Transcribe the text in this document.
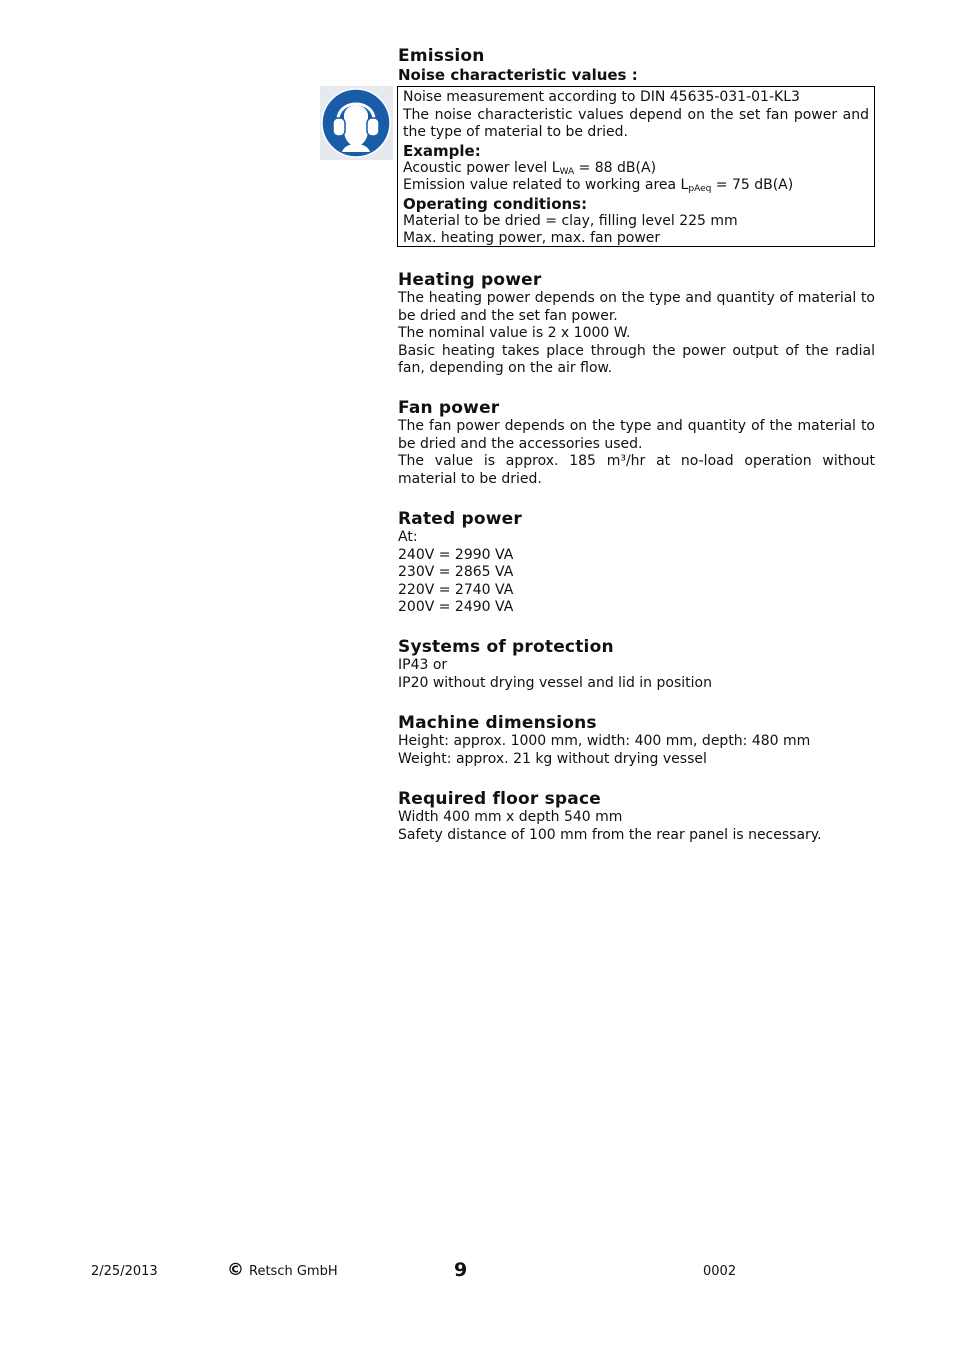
Emission
Noise characteristic values :
Noise measurement according to DIN 45635-031-01-KL3
The noise characteristic values depend on the set fan power and the type of material to be dried.
Example:
Acoustic power level $L_{WA} = 88$ dB(A)
Emission value related to working area $L_{pAeq} = 75$ dB(A)
Operating conditions:
Material to be dried = clay, filling level 225 mm
Max. heating power, max. fan power
Heating power
The heating power depends on the type and quantity of material to be dried and the set fan power.
The nominal value is 2 x 1000 W.
Basic heating takes place through the power output of the radial fan, depending on the air flow.
Fan power
The fan power depends on the type and quantity of the material to be dried and the accessories used.
The value is approx. 185 m³/hr at no-load operation without material to be dried.
Rated power
At:
240V = 2990 VA
230V = 2865 VA
220V = 2740 VA
200V = 2490 VA
Systems of protection
IP43 or
IP20 without drying vessel and lid in position
Machine dimensions
Height: approx. 1000 mm, width: 400 mm, depth: 480 mm
Weight: approx. 21 kg without drying vessel
Required floor space
Width 400 mm x depth 540 mm
Safety distance of 100 mm from the rear panel is necessary.
2/25/2013	© Retsch GmbH	9	0002
